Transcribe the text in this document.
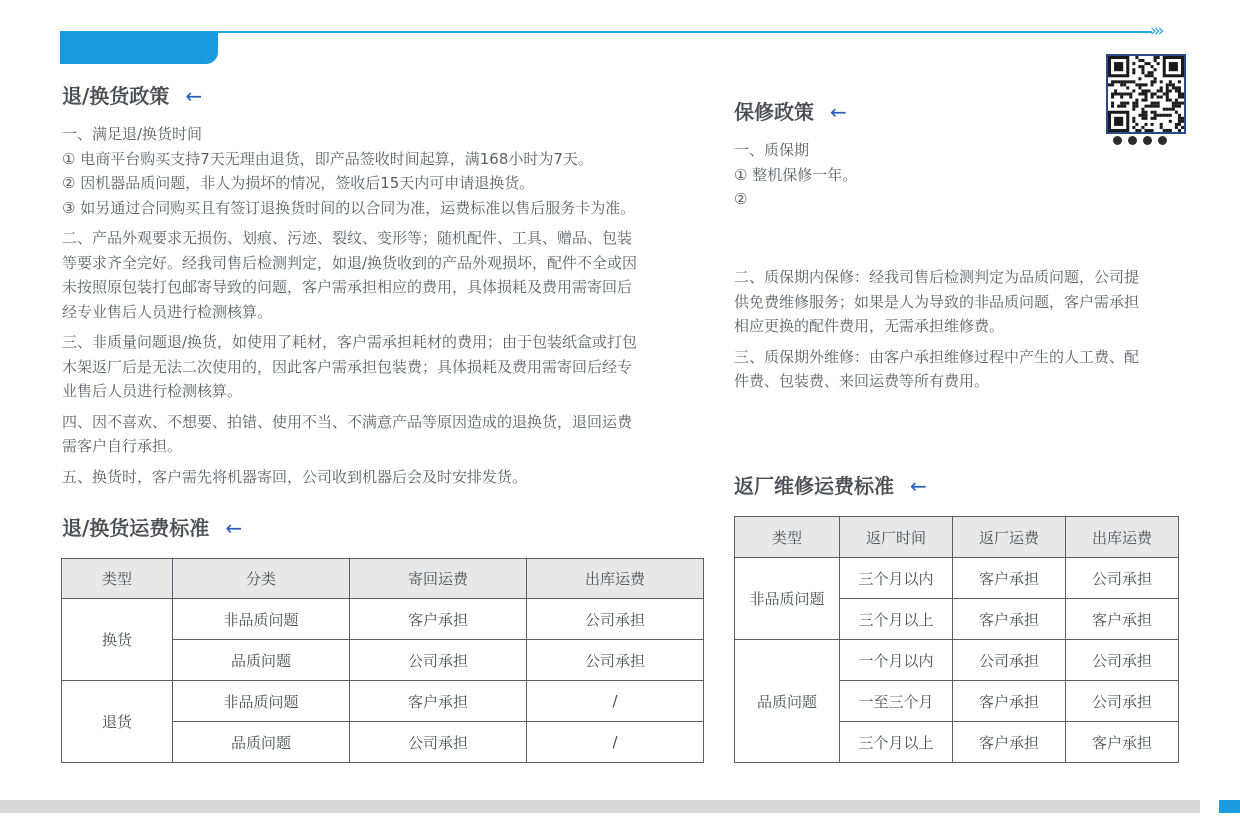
›››
退/换货政策 ←

一、满足退/换货时间
① 电商平台购买支持7天无理由退货，即产品签收时间起算，满168小时为7天。
② 因机器品质问题，非人为损坏的情况，签收后15天内可申请退换货。
③ 如另通过合同购买且有签订退换货时间的以合同为准，运费标准以售后服务卡为准。

二、产品外观要求无损伤、划痕、污迹、裂纹、变形等；随机配件、工具、赠品、包装
等要求齐全完好。经我司售后检测判定，如退/换货收到的产品外观损坏，配件不全或因
未按照原包装打包邮寄导致的问题，客户需承担相应的费用，具体损耗及费用需寄回后
经专业售后人员进行检测核算。

三、非质量问题退/换货，如使用了耗材，客户需承担耗材的费用；由于包装纸盒或打包
木架返厂后是无法二次使用的，因此客户需承担包装费；具体损耗及费用需寄回后经专
业售后人员进行检测核算。

四、因不喜欢、不想要、拍错、使用不当、不满意产品等原因造成的退换货，退回运费
需客户自行承担。

五、换货时，客户需先将机器寄回，公司收到机器后会及时安排发货。

退/换货运费标准 ←
类型	分类	寄回运费	出库运费
换货	非品质问题	客户承担	公司承担
	品质问题	公司承担	公司承担
退货	非品质问题	客户承担	/
	品质问题	公司承担	/
保修政策 ←
一、质保期
① 整机保修一年。
②

二、质保期内保修：经我司售后检测判定为品质问题，公司提
供免费维修服务；如果是人为导致的非品质问题，客户需承担
相应更换的配件费用，无需承担维修费。

三、质保期外维修：由客户承担维修过程中产生的人工费、配
件费、包装费、来回运费等所有费用。

返厂维修运费标准 ←
类型	返厂时间	返厂运费	出库运费
非品质问题	三个月以内	客户承担	公司承担
	三个月以上	客户承担	客户承担
品质问题	一个月以内	公司承担	公司承担
	一至三个月	客户承担	公司承担
	三个月以上	客户承担	客户承担
